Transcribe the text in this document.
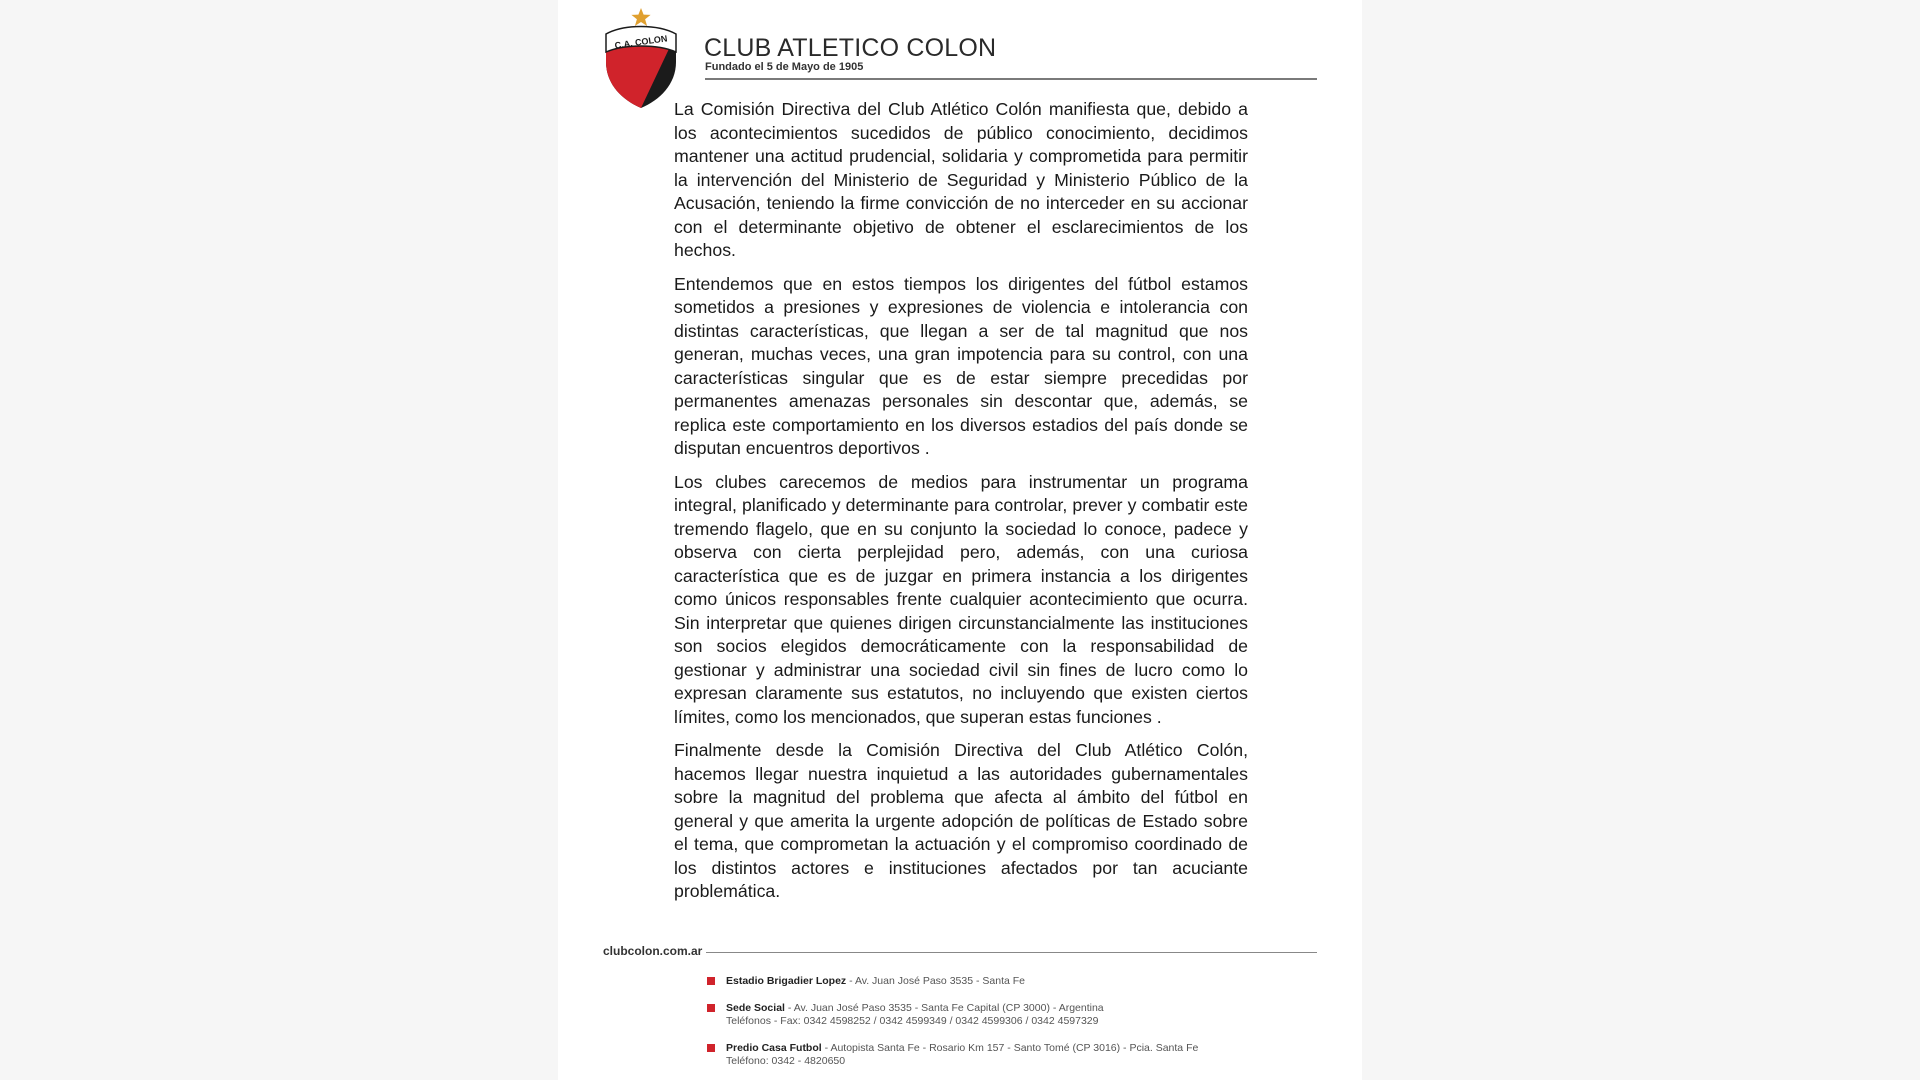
C.A. COLON CLUB ATLETICO COLON
Fundado el 5 de Mayo de 1905

La Comisión Directiva del Club Atlético Colón manifiesta que, debido a los acontecimientos sucedidos de público conocimiento, decidimos mantener una actitud prudencial, solidaria y comprometida para permitir la intervención del Ministerio de Seguridad y Ministerio Público de la Acusación, teniendo la firme convicción de no interceder en su accionar con el determinante objetivo de obtener el esclarecimientos de los hechos.

Entendemos que en estos tiempos los dirigentes del fútbol estamos sometidos a presiones y expresiones de violencia e intolerancia con distintas características, que llegan a ser de tal magnitud que nos generan, muchas veces, una gran impotencia para su control, con una características singular que es de estar siempre precedidas por permanentes amenazas personales sin descontar que, además, se replica este comportamiento en los diversos estadios del país donde se disputan encuentros deportivos .

Los clubes carecemos de medios para instrumentar un programa integral, planificado y determinante para controlar, prever y combatir este tremendo flagelo, que en su conjunto la sociedad lo conoce, padece y observa con cierta perplejidad pero, además, con una curiosa característica que es de juzgar en primera instancia a los dirigentes como únicos responsables frente cualquier acontecimiento que ocurra. Sin interpretar que quienes dirigen circunstancialmente las instituciones son socios elegidos democráticamente con la responsabilidad de gestionar y administrar una sociedad civil sin fines de lucro como lo expresan claramente sus estatutos, no incluyendo que existen ciertos límites, como los mencionados, que superan estas funciones .

Finalmente desde la Comisión Directiva del Club Atlético Colón, hacemos llegar nuestra inquietud a las autoridades gubernamentales sobre la magnitud del problema que afecta al ámbito del fútbol en general y que amerita la urgente adopción de políticas de Estado sobre el tema, que comprometan la actuación y el compromiso coordinado de los distintos actores e instituciones afectados por tan acuciante problemática.

clubcolon.com.ar
Estadio Brigadier Lopez - Av. Juan José Paso 3535 - Santa Fe
Sede Social - Av. Juan José Paso 3535 - Santa Fe Capital (CP 3000) - Argentina
Teléfonos - Fax: 0342 4598252 / 0342 4599349 / 0342 4599306 / 0342 4597329
Predio Casa Futbol - Autopista Santa Fe - Rosario Km 157 - Santo Tomé (CP 3016) - Pcia. Santa Fe
Teléfono: 0342 - 4820650
